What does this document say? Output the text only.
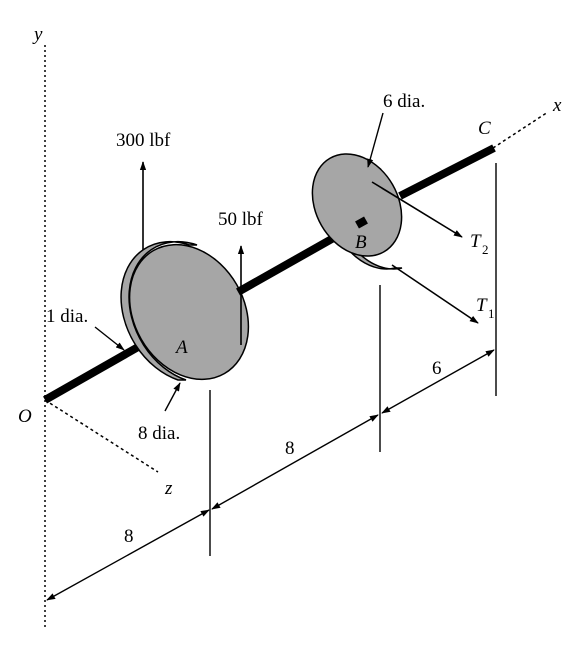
y
z
x
O
8
8
6
300 lbf
A
50 lbf
T 1
B	T 2
C
1 dia.
8 dia.
6 dia.
